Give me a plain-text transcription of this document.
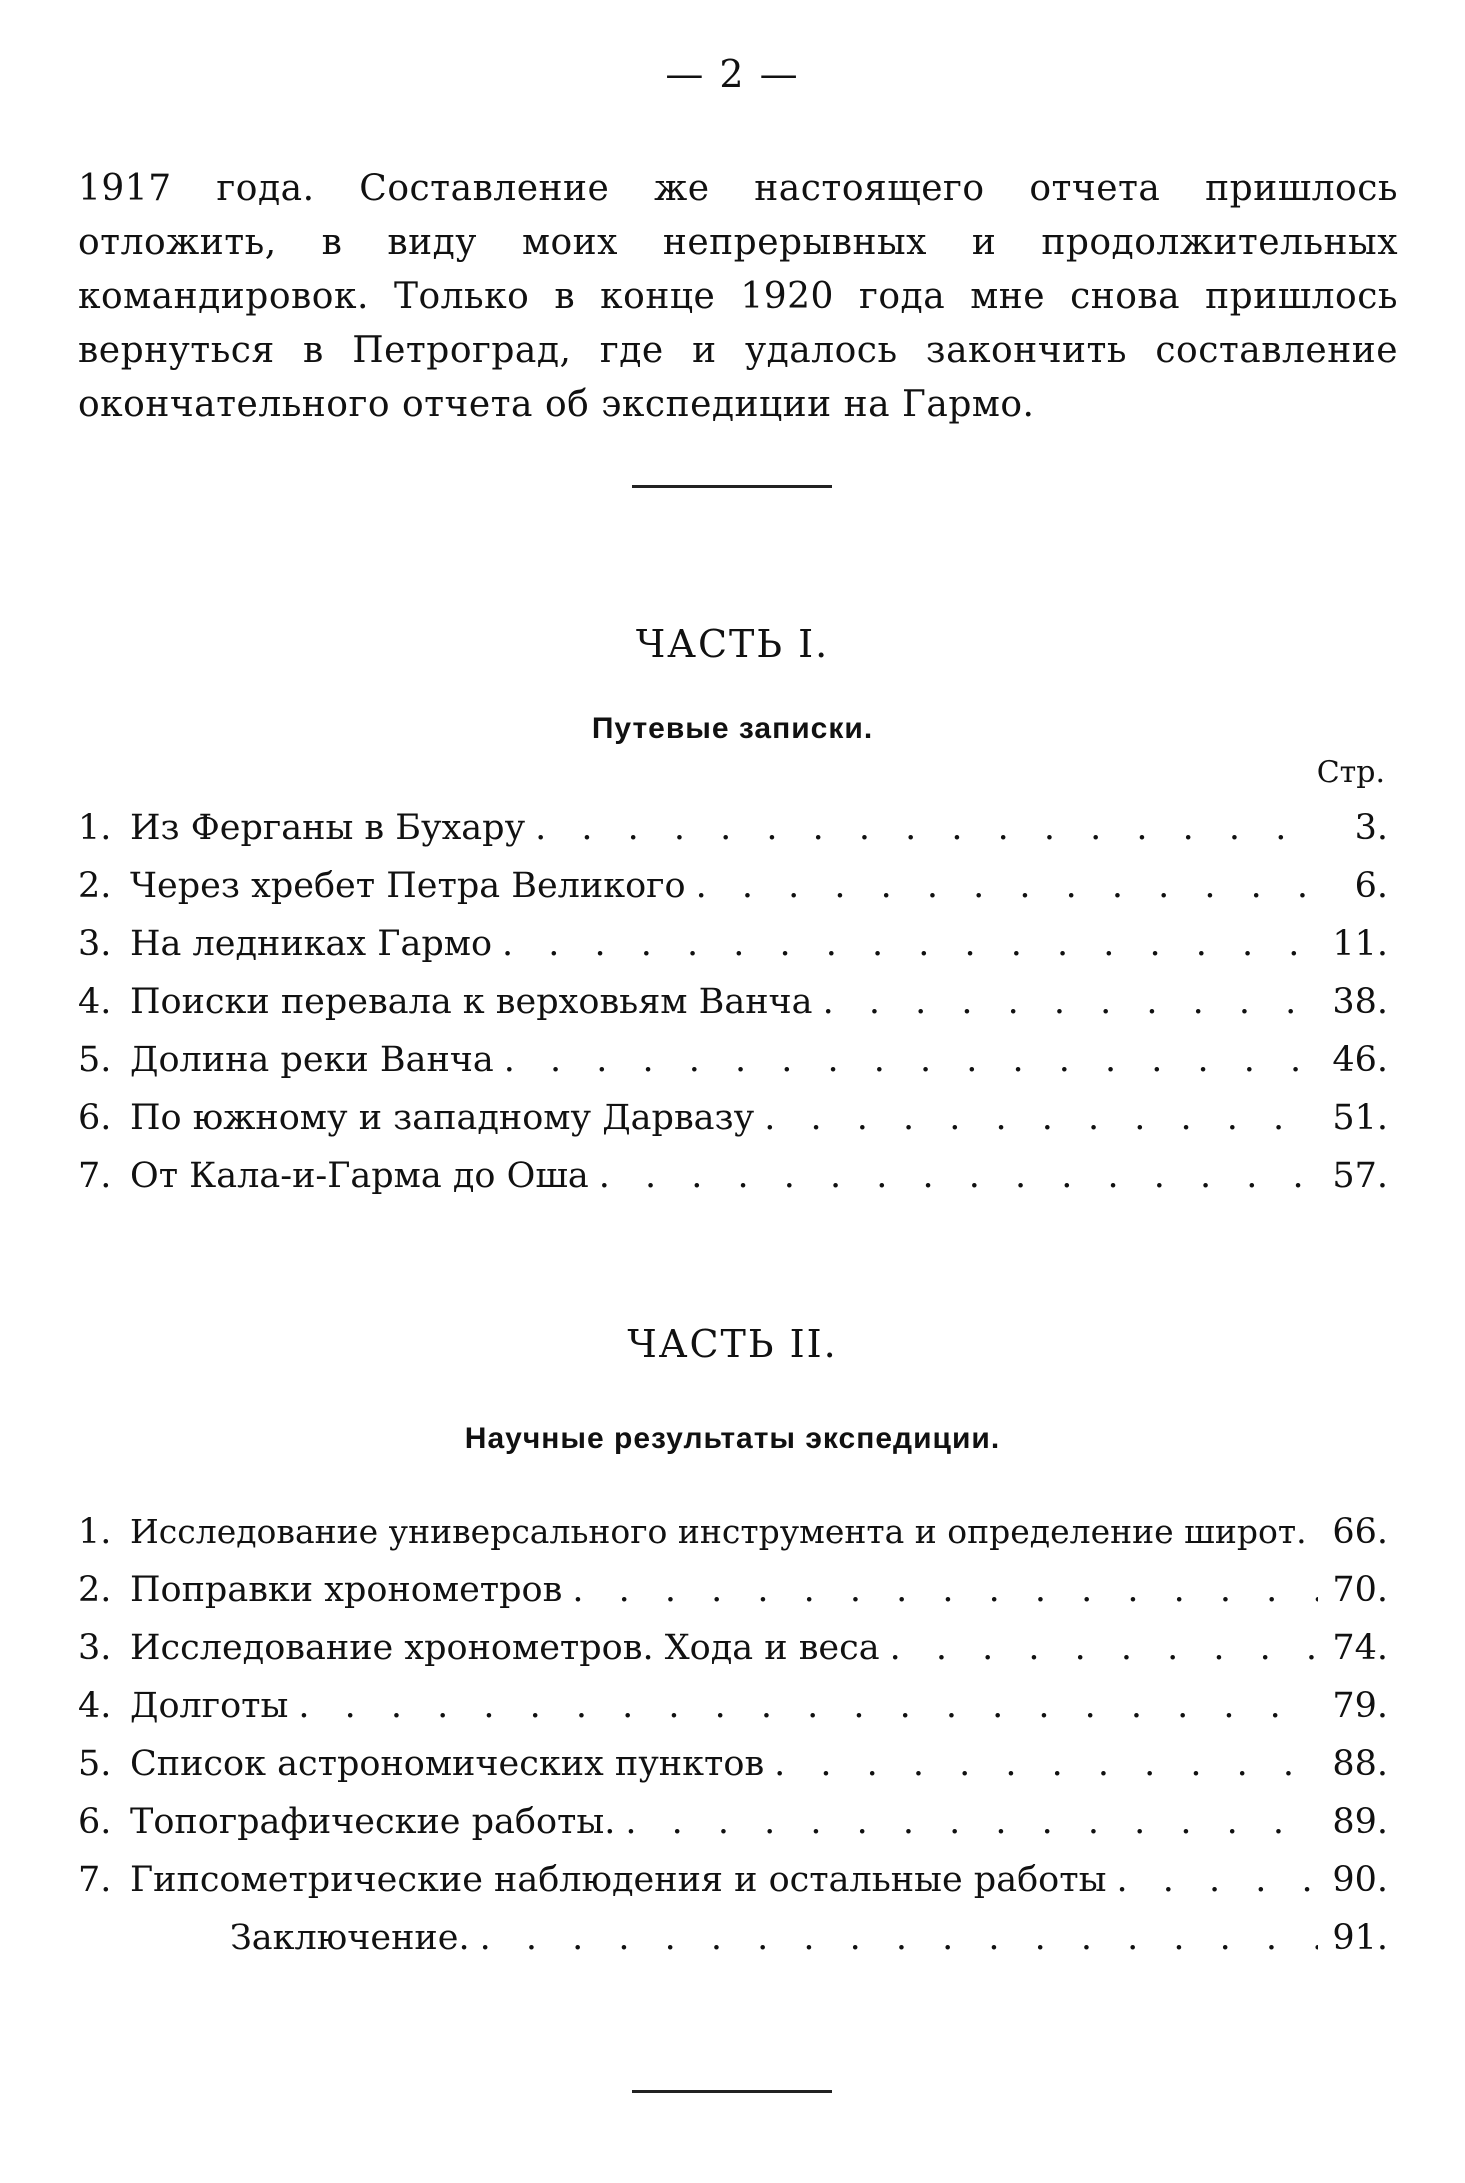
— 2 —

1917 года. Составление же настоящего отчета пришлось отложить, в виду моих непрерывных и продолжительных командировок. Только в конце 1920 года мне снова пришлось вернуться в Петроград, где и удалось закончить составление окончательного отчета об экспедиции на Гармо.

ЧАСТЬ I.
Путевые записки.
Стр.
1. Из Ферганы в Бухару . . .	3.
2. Через хребет Петра Великого . . .	6.
3. На ледниках Гармо . . .	11.
4. Поиски перевала к верховьям Ванча . . .	38.
5. Долина реки Ванча . . .	46.
6. По южному и западному Дарвазу . . .	51.
7. От Кала-и-Гарма до Оша . . .	57.
ЧАСТЬ II.
Научные результаты экспедиции.
1. Исследование универсального инструмента и определение широт. 66.
2. Поправки хронометров . . .	70.
3. Исследование хронометров. Хода и веса . . .	74.
4. Долготы . . .	79.
5. Список астрономических пунктов . . .	88.
6. Топографические работы. . . .	89.
7. Гипсометрические наблюдения и остальные работы . . .	90.
Заключение. . . .	91.
